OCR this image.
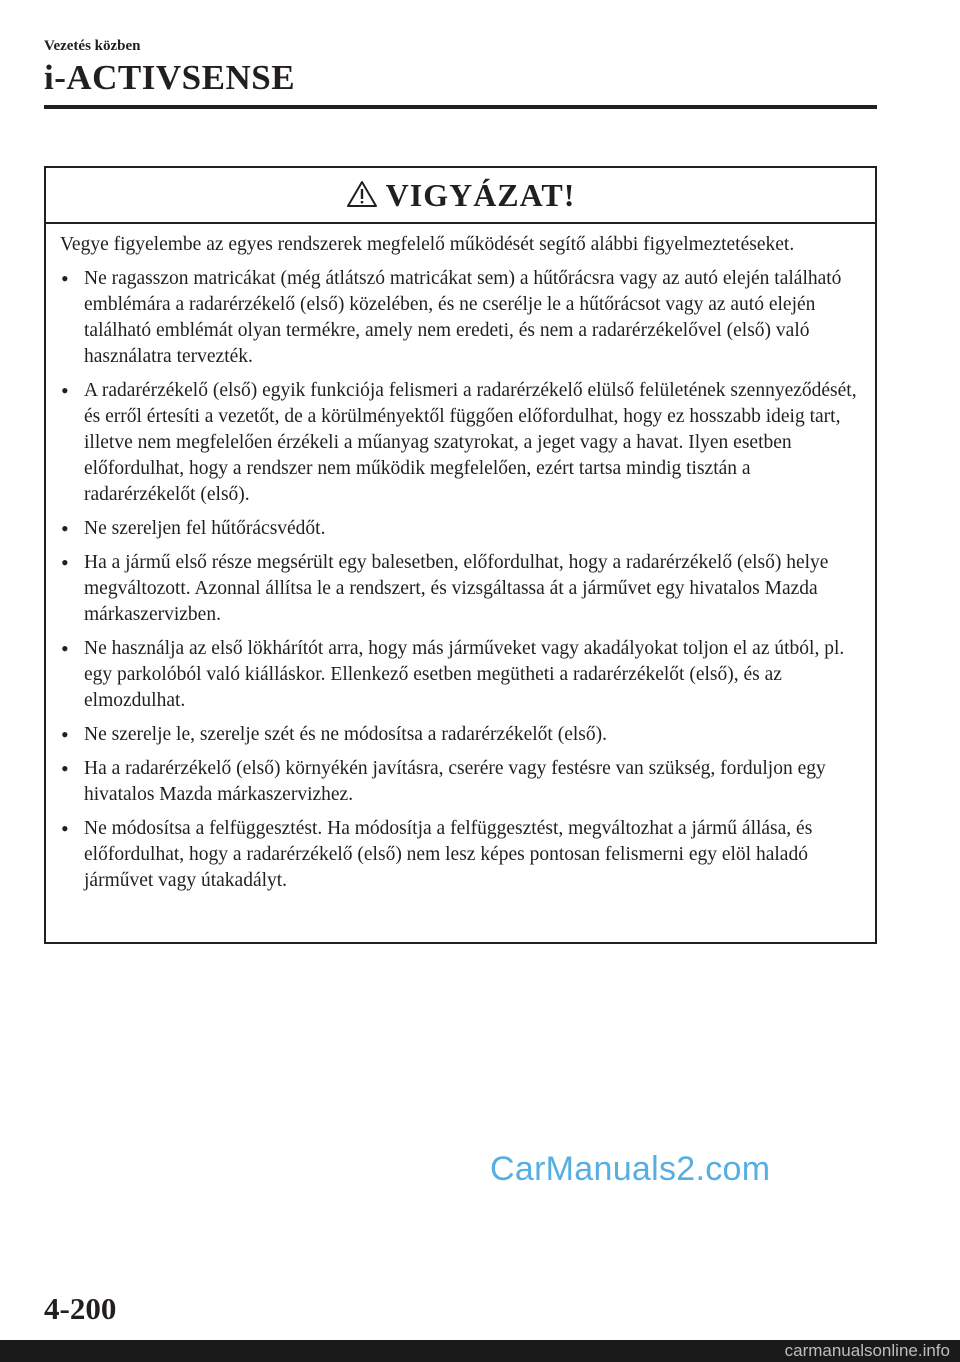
Vezetés közben
i-ACTIVSENSE
VIGYÁZAT!

Vegye figyelembe az egyes rendszerek megfelelő működését segítő alábbi figyelmeztetéseket.

• Ne ragasszon matricákat (még átlátszó matricákat sem) a hűtőrácsra vagy az autó elején található emblémára a radarérzékelő (első) közelében, és ne cserélje le a hűtőrácsot vagy az autó elején található emblémát olyan termékre, amely nem eredeti, és nem a radarérzékelővel (első) való használatra tervezték.
• A radarérzékelő (első) egyik funkciója felismeri a radarérzékelő elülső felületének szennyeződését, és erről értesíti a vezetőt, de a körülményektől függően előfordulhat, hogy ez hosszabb ideig tart, illetve nem megfelelően érzékeli a műanyag szatyrokat, a jeget vagy a havat. Ilyen esetben előfordulhat, hogy a rendszer nem működik megfelelően, ezért tartsa mindig tisztán a radarérzékelőt (első).
• Ne szereljen fel hűtőrácsvédőt.
• Ha a jármű első része megsérült egy balesetben, előfordulhat, hogy a radarérzékelő (első) helye megváltozott. Azonnal állítsa le a rendszert, és vizsgáltassa át a járművet egy hivatalos Mazda márkaszervizben.
• Ne használja az első lökhárítót arra, hogy más járműveket vagy akadályokat toljon el az útból, pl. egy parkolóból való kiálláskor. Ellenkező esetben megütheti a radarérzékelőt (első), és az elmozdulhat.
• Ne szerelje le, szerelje szét és ne módosítsa a radarérzékelőt (első).
• Ha a radarérzékelő (első) környékén javításra, cserére vagy festésre van szükség, forduljon egy hivatalos Mazda márkaszervizhez.
• Ne módosítsa a felfüggesztést. Ha módosítja a felfüggesztést, megváltozhat a jármű állása, és előfordulhat, hogy a radarérzékelő (első) nem lesz képes pontosan felismerni egy elöl haladó járművet vagy útakadályt.
CarManuals2.com
4-200
carmanualsonline.info
